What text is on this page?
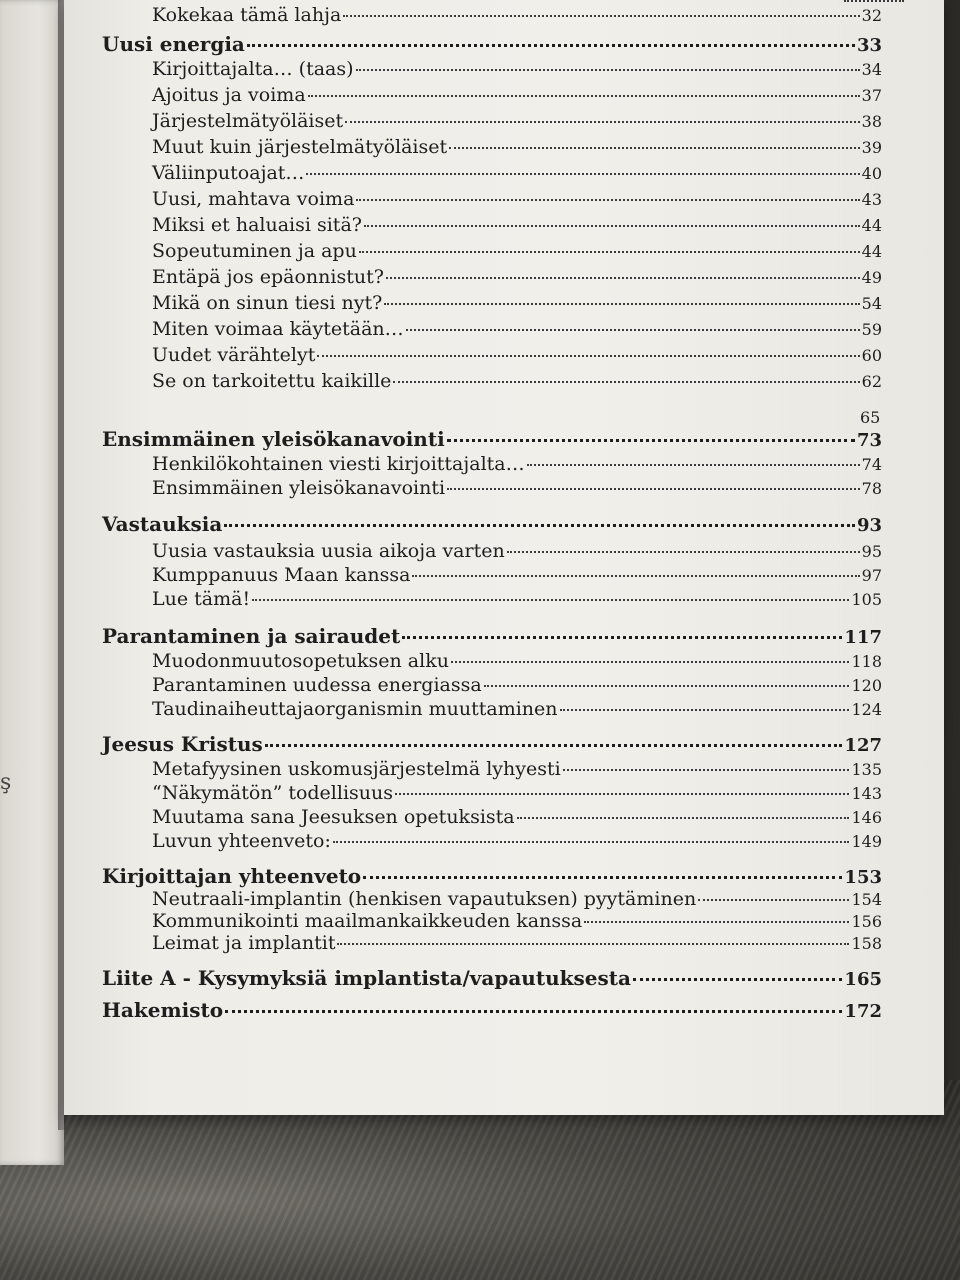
ş
Kokekaa tämä lahja	32
Uusi energia	33
Kirjoittajalta… (taas)	34
Ajoitus ja voima	37
Järjestelmätyöläiset	38
Muut kuin järjestelmätyöläiset	39
Väliinputoajat…	40
Uusi, mahtava voima	43
Miksi et haluaisi sitä?	44
Sopeutuminen ja apu	44
Entäpä jos epäonnistut?	49
Mikä on sinun tiesi nyt?	54
Miten voimaa käytetään…	59
Uudet värähtelyt	60
Se on tarkoitettu kaikille	62
Ensimmäinen yleisökanavointi	73
Henkilökohtainen viesti kirjoittajalta…	74
Ensimmäinen yleisökanavointi	78
Vastauksia	93
Uusia vastauksia uusia aikoja varten	95
Kumppanuus Maan kanssa	97
Lue tämä!	105
Parantaminen ja sairaudet	117
Muodonmuutosopetuksen alku	118
Parantaminen uudessa energiassa	120
Taudinaiheuttajaorganismin muuttaminen	124
Jeesus Kristus	127
Metafyysinen uskomusjärjestelmä lyhyesti	135
“Näkymätön” todellisuus	143
Muutama sana Jeesuksen opetuksista	146
Luvun yhteenveto:	149
Kirjoittajan yhteenveto	153
Neutraali-implantin (henkisen vapautuksen) pyytäminen	154
Kommunikointi maailmankaikkeuden kanssa	156
Leimat ja implantit	158
Liite A - Kysymyksiä implantista/vapautuksesta	165
Hakemisto	172
65
